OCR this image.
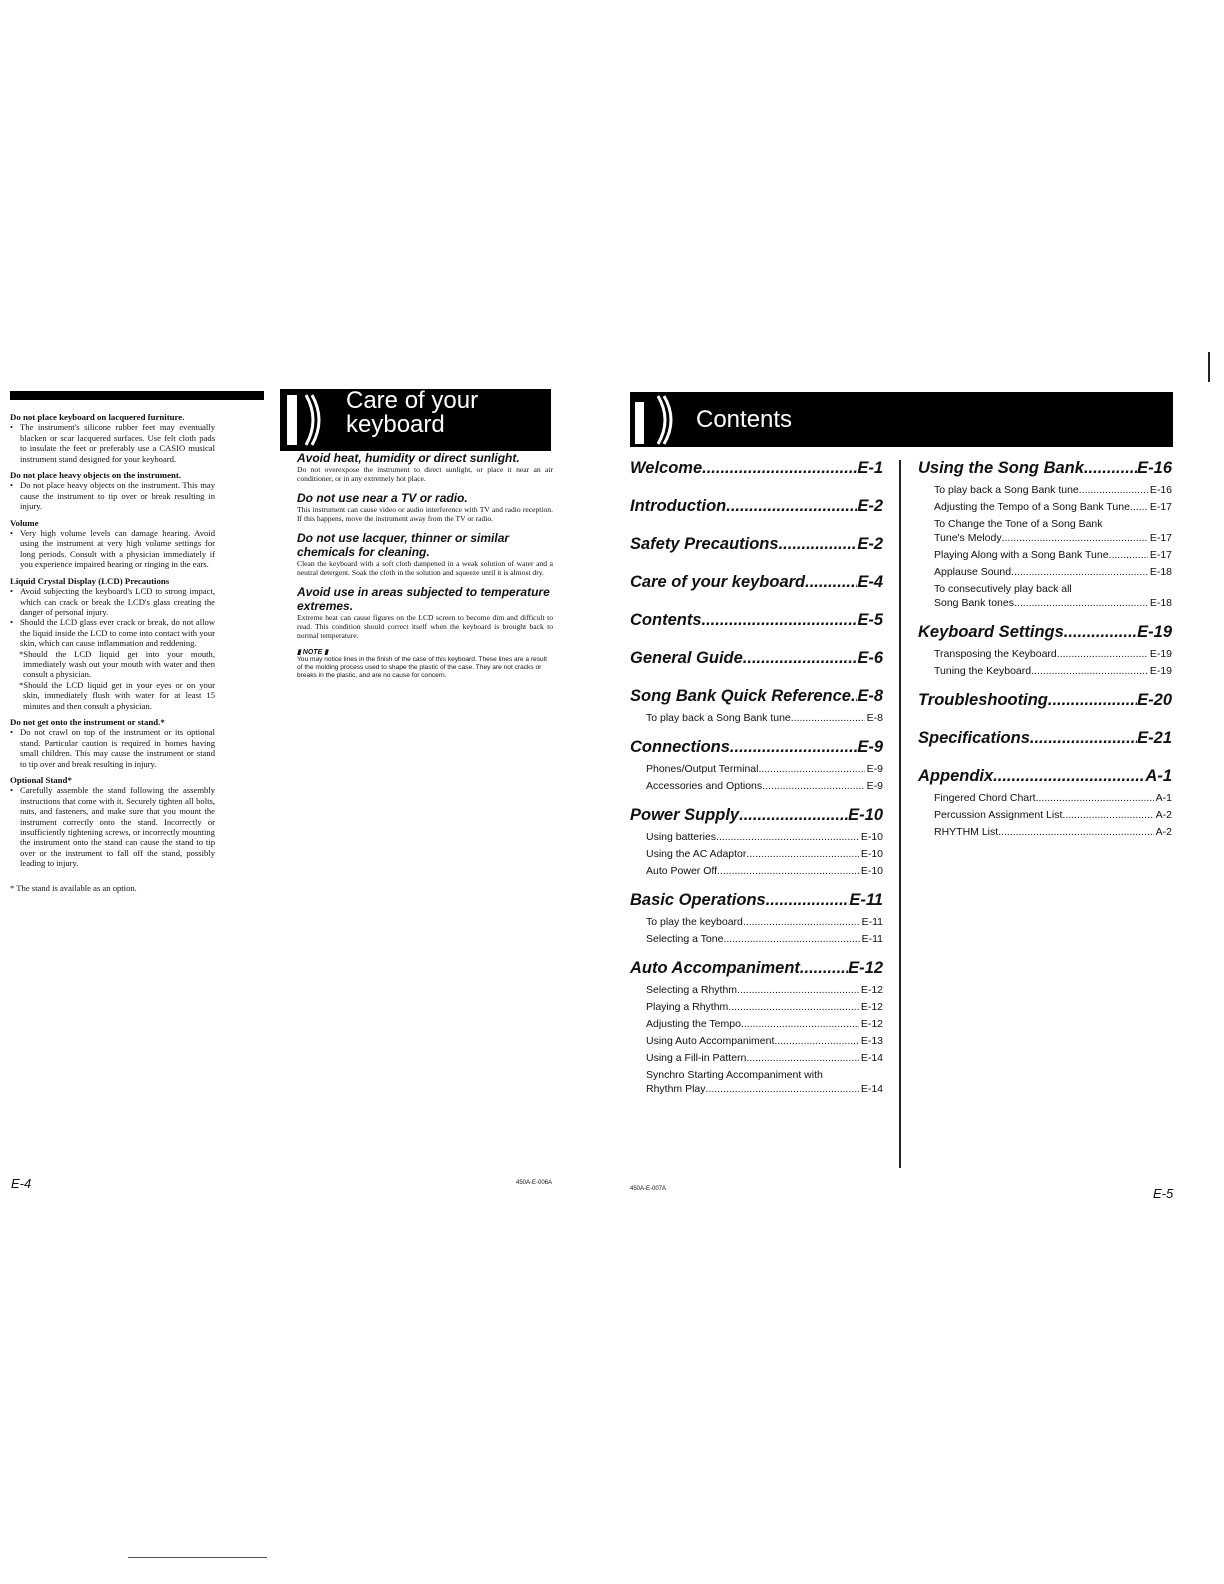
Do not place keyboard on lacquered furniture.
• The instrument's silicone rubber feet may eventually blacken or scar lacquered surfaces. Use felt cloth pads to insulate the feet or preferably use a CASIO musical instrument stand designed for your keyboard.
Do not place heavy objects on the instrument.
• Do not place heavy objects on the instrument. This may cause the instrument to tip over or break resulting in injury.
Volume
• Very high volume levels can damage hearing. Avoid using the instrument at very high volume settings for long periods. Consult with a physician immediately if you experience impaired hearing or ringing in the ears.
Liquid Crystal Display (LCD) Precautions
• Avoid subjecting the keyboard's LCD to strong impact, which can crack or break the LCD's glass creating the danger of personal injury.
• Should the LCD glass ever crack or break, do not allow the liquid inside the LCD to come into contact with your skin, which can cause inflammation and reddening.
*Should the LCD liquid get into your mouth, immediately wash out your mouth with water and then consult a physician.
*Should the LCD liquid get in your eyes or on your skin, immediately flush with water for at least 15 minutes and then consult a physician.
Do not get onto the instrument or stand.*
• Do not crawl on top of the instrument or its optional stand. Particular caution is required in homes having small children. This may cause the instrument or stand to tip over and break resulting in injury.
Optional Stand*
• Carefully assemble the stand following the assembly instructions that come with it. Securely tighten all bolts, nuts, and fasteners, and make sure that you mount the instrument correctly onto the stand. Incorrectly or insufficiently tightening screws, or incorrectly mounting the instrument onto the stand can cause the stand to tip over or the instrument to fall off the stand, possibly leading to injury.
* The stand is available as an option.
Care of your
keyboard
Avoid heat, humidity or direct sunlight.

Do not overexpose the instrument to direct sunlight, or place it near an air conditioner, or in any extremely hot place.

Do not use near a TV or radio.

This instrument can cause video or audio interference with TV and radio reception. If this happens, move the instrument away from the TV or radio.

Do not use lacquer, thinner or similar chemicals for cleaning.

Clean the keyboard with a soft cloth dampened in a weak solution of water and a neutral detergent. Soak the cloth in the solution and squeeze until it is almost dry.

Avoid use in areas subjected to temperature extremes.

Extreme heat can cause figures on the LCD screen to become dim and difficult to read. This condition should correct itself when the keyboard is brought back to normal temperature.

▮ NOTE ▮
You may notice lines in the finish of the case of this keyboard. These lines are a result of the molding process used to shape the plastic of the case. They are not cracks or breaks in the plastic, and are no cause for concern.
Contents
Welcome .....	E-1
Introduction .....	E-2
Safety Precautions .....	E-2
Care of your keyboard .....	E-4
Contents .....	E-5
General Guide .....	E-6
Song Bank Quick Reference ..... E-8
To play back a Song Bank tune .....	E-8
Connections .....	E-9
Phones/Output Terminal .....	E-9
Accessories and Options .....	E-9
Power Supply .....	E-10
Using batteries .....	E-10
Using the AC Adaptor .....	E-10
Auto Power Off .....	E-10
Basic Operations .....	E-11
To play the keyboard .....	E-11
Selecting a Tone .....	E-11
Auto Accompaniment .....	E-12
Selecting a Rhythm .....	E-12
Playing a Rhythm .....	E-12
Adjusting the Tempo .....	E-12
Using Auto Accompaniment .....	E-13
Using a Fill-in Pattern .....	E-14
Synchro Starting Accompaniment with
Rhythm Play .....	E-14
Using the Song Bank .....	E-16
To play back a Song Bank tune .....	E-16
Adjusting the Tempo of a Song Bank Tune ..... E-17
To Change the Tone of a Song Bank
Tune's Melody .....	E-17
Playing Along with a Song Bank Tune .....	E-17
Applause Sound .....	E-18
To consecutively play back all
Song Bank tones .....	E-18
Keyboard Settings .....	E-19
Transposing the Keyboard .....	E-19
Tuning the Keyboard .....	E-19
Troubleshooting .....	E-20
Specifications .....	E-21
Appendix .....	A-1
Fingered Chord Chart .....	A-1
Percussion Assignment List .....	A-2
RHYTHM List .....	A-2
E-4	450A-E-006A
450A-E-007A	E-5
